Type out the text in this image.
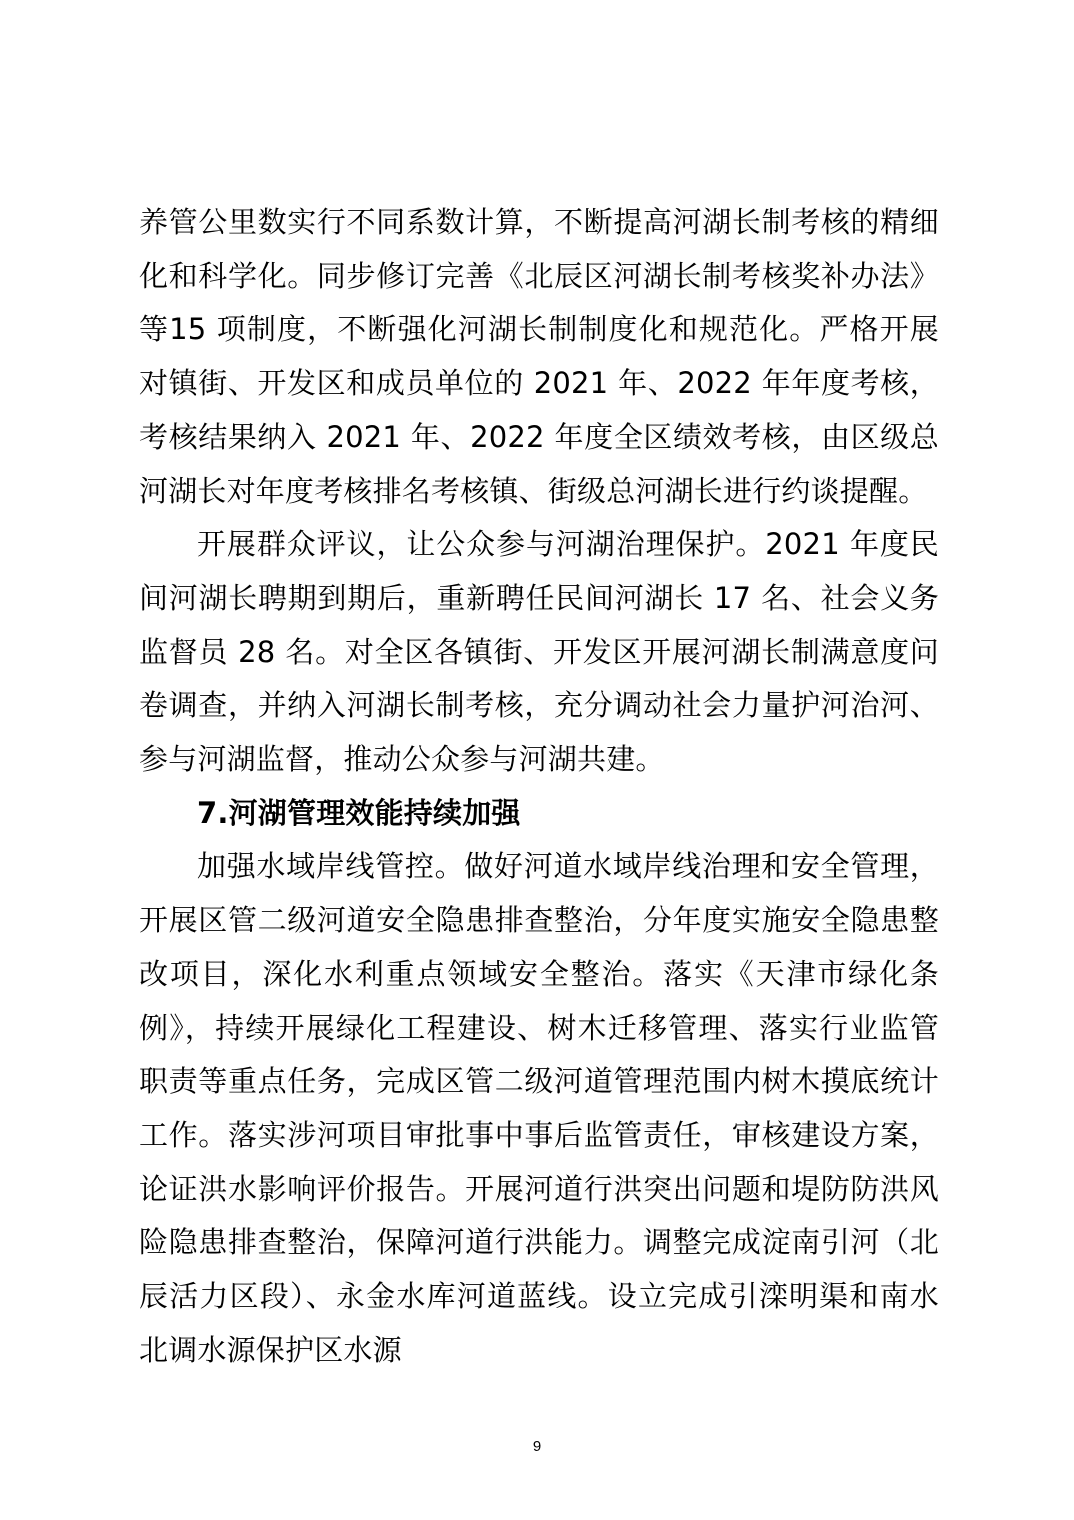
养管公里数实行不同系数计算，不断提高河湖长制考核的精细化和科学化。同步修订完善《北辰区河湖长制考核奖补办法》等15 项制度，不断强化河湖长制制度化和规范化。严格开展对镇街、开发区和成员单位的 2021 年、2022 年年度考核，考核结果纳入 2021 年、2022 年度全区绩效考核，由区级总河湖长对年度考核排名考核镇、街级总河湖长进行约谈提醒。

开展群众评议，让公众参与河湖治理保护。2021 年度民间河湖长聘期到期后，重新聘任民间河湖长 17 名、社会义务监督员 28 名。对全区各镇街、开发区开展河湖长制满意度问卷调查，并纳入河湖长制考核，充分调动社会力量护河治河、参与河湖监督，推动公众参与河湖共建。

7.河湖管理效能持续加强

加强水域岸线管控。做好河道水域岸线治理和安全管理，开展区管二级河道安全隐患排查整治，分年度实施安全隐患整改项目，深化水利重点领域安全整治。落实《天津市绿化条例》，持续开展绿化工程建设、树木迁移管理、落实行业监管职责等重点任务，完成区管二级河道管理范围内树木摸底统计工作。落实涉河项目审批事中事后监管责任，审核建设方案，论证洪水影响评价报告。开展河道行洪突出问题和堤防防洪风险隐患排查整治，保障河道行洪能力。调整完成淀南引河（北辰活力区段）、永金水库河道蓝线。设立完成引滦明渠和南水北调水源保护区水源

9
